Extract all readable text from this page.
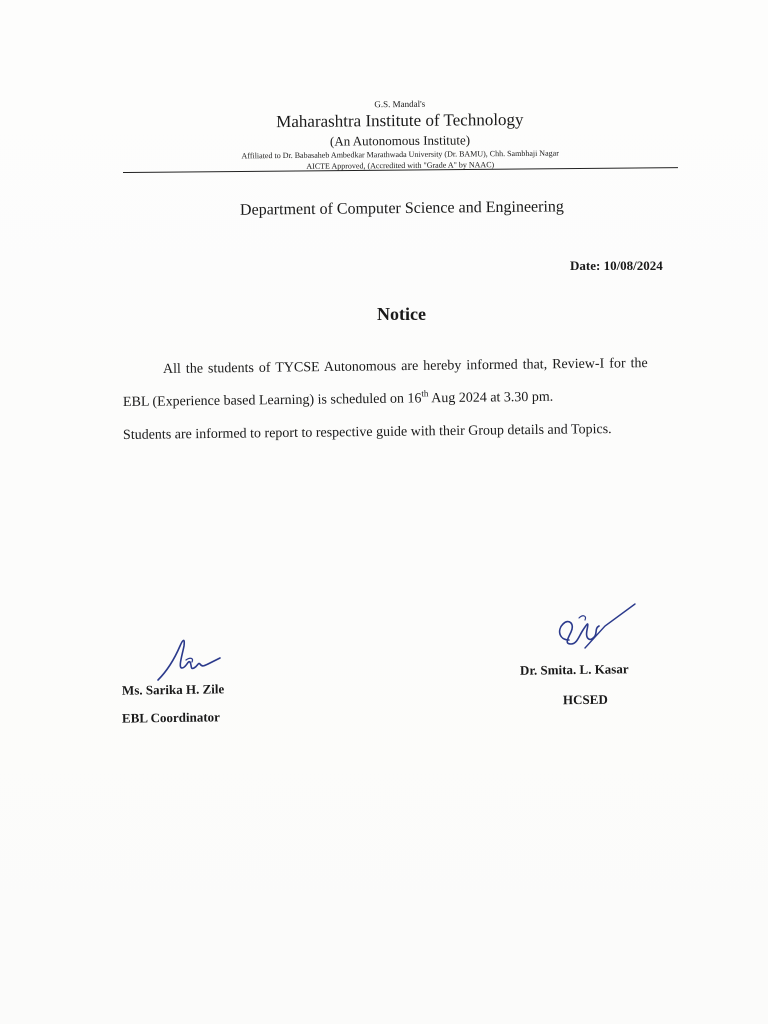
G.S. Mandal's
Maharashtra Institute of Technology
(An Autonomous Institute)
Affiliated to Dr. Babasaheb Ambedkar Marathwada University (Dr. BAMU), Chh. Sambhaji Nagar
AICTE Approved, (Accredited with "Grade A" by NAAC)
Department of Computer Science and Engineering
Date: 10/08/2024
Notice
All the students of TYCSE Autonomous are hereby informed that, Review-I for the
EBL (Experience based Learning) is scheduled on 16th Aug 2024 at 3.30 pm.
Students are informed to report to respective guide with their Group details and Topics.
Ms. Sarika H. Zile
EBL Coordinator
Dr. Smita. L. Kasar
HCSED
